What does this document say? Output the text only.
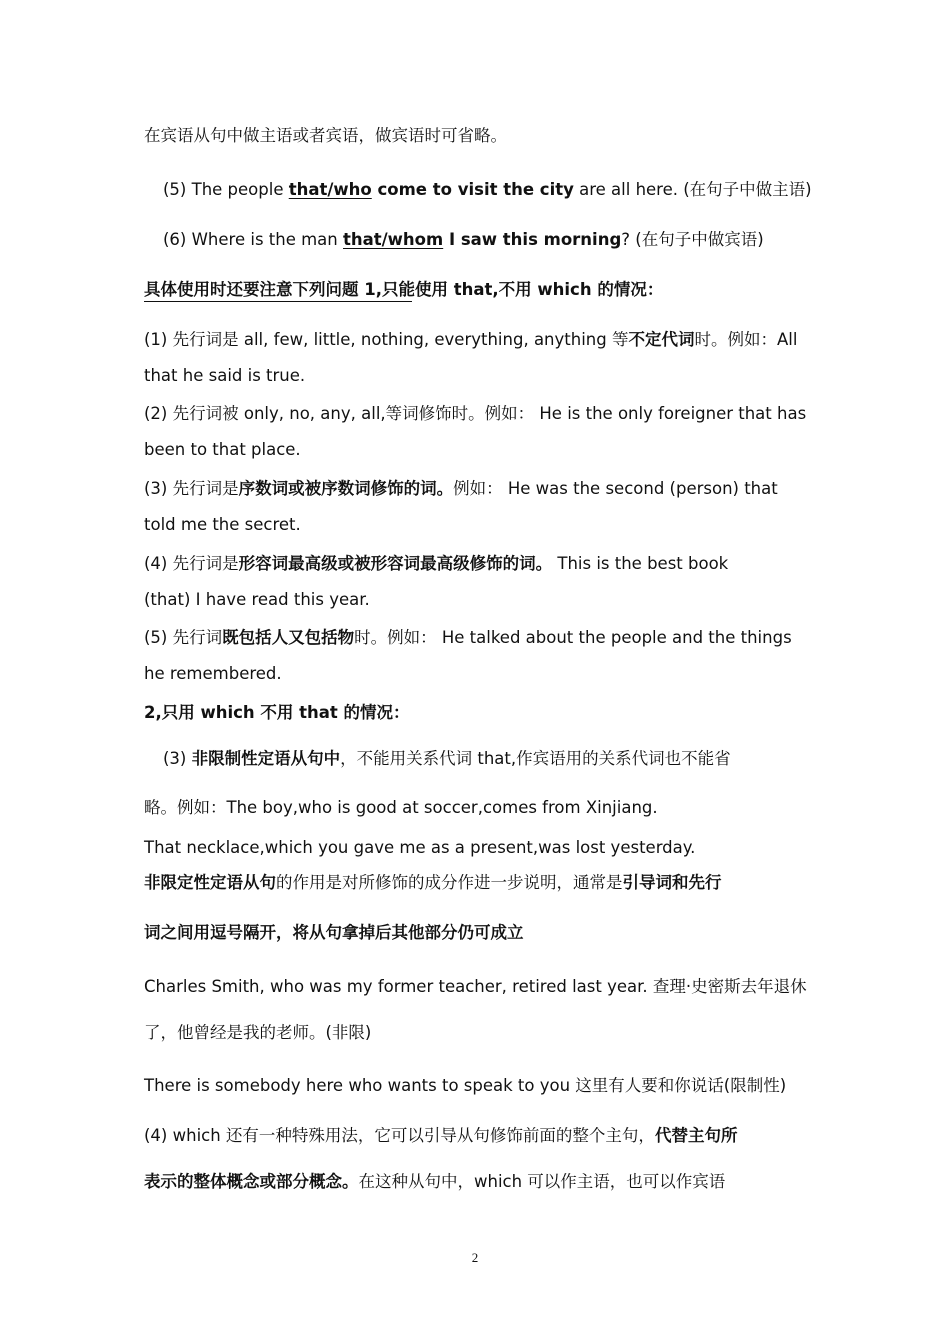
在宾语从句中做主语或者宾语，做宾语时可省略。
(5) The people that/who come to visit the city are all here. (在句子中做主语)
(6) Where is the man that/whom I saw this morning? (在句子中做宾语)
具体使用时还要注意下列问题 1,只能使用 that,不用 which 的情况：
(1) 先行词是 all, few, little, nothing, everything, anything 等不定代词时。例如：All
that he said is true.
(2) 先行词被 only, no, any, all,等词修饰时。例如： He is the only foreigner that has
been to that place.
(3) 先行词是序数词或被序数词修饰的词。例如： He was the second (person) that
told me the secret.
(4) 先行词是形容词最高级或被形容词最高级修饰的词。 This is the best book
(that) I have read this year.
(5) 先行词既包括人又包括物时。例如： He talked about the people and the things
he remembered.
2,只用 which 不用 that 的情况：
(3) 非限制性定语从句中，不能用关系代词 that,作宾语用的关系代词也不能省
略。例如：The boy,who is good at soccer,comes from Xinjiang.
That necklace,which you gave me as a present,was lost yesterday.
非限定性定语从句的作用是对所修饰的成分作进一步说明，通常是引导词和先行
词之间用逗号隔开，将从句拿掉后其他部分仍可成立
Charles Smith, who was my former teacher, retired last year. 查理·史密斯去年退休
了，他曾经是我的老师。(非限)
There is somebody here who wants to speak to you 这里有人要和你说话(限制性)
(4) which 还有一种特殊用法，它可以引导从句修饰前面的整个主句，代替主句所
表示的整体概念或部分概念。在这种从句中，which 可以作主语，也可以作宾语
2
